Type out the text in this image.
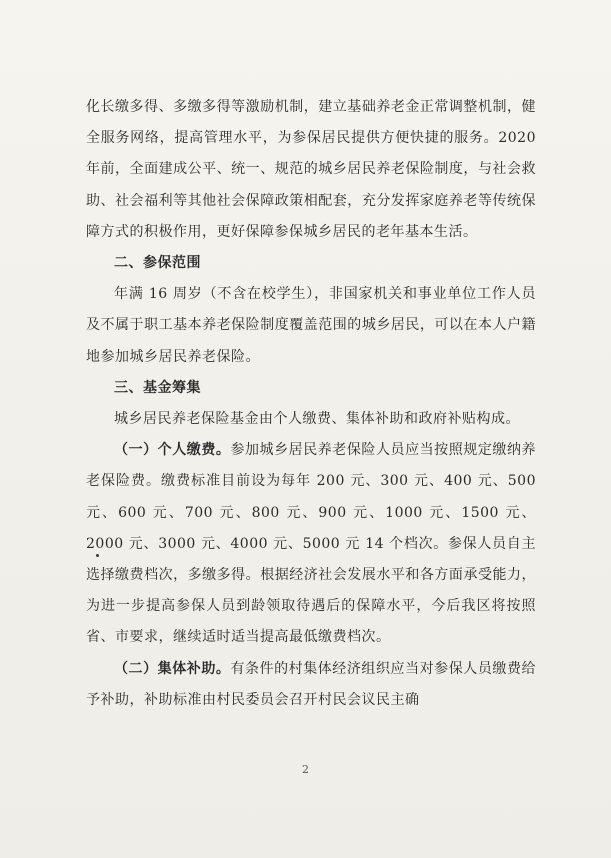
化长缴多得、多缴多得等激励机制，建立基础养老金正常调整机制，健全服务网络，提高管理水平，为参保居民提供方便快捷的服务。2020 年前，全面建成公平、统一、规范的城乡居民养老保险制度，与社会救助、社会福利等其他社会保障政策相配套，充分发挥家庭养老等传统保障方式的积极作用，更好保障参保城乡居民的老年基本生活。

二、参保范围

年满 16 周岁（不含在校学生），非国家机关和事业单位工作人员及不属于职工基本养老保险制度覆盖范围的城乡居民，可以在本人户籍地参加城乡居民养老保险。

三、基金筹集

城乡居民养老保险基金由个人缴费、集体补助和政府补贴构成。

（一）个人缴费。参加城乡居民养老保险人员应当按照规定缴纳养老保险费。缴费标准目前设为每年 200 元、300 元、400 元、500 元、600 元、700 元、800 元、900 元、1000 元、1500 元、2000 元、3000 元、4000 元、5000 元 14 个档次。参保人员自主选择缴费档次，多缴多得。根据经济社会发展水平和各方面承受能力，为进一步提高参保人员到龄领取待遇后的保障水平，今后我区将按照省、市要求，继续适时适当提高最低缴费档次。

（二）集体补助。有条件的村集体经济组织应当对参保人员缴费给予补助，补助标准由村民委员会召开村民会议民主确

2
